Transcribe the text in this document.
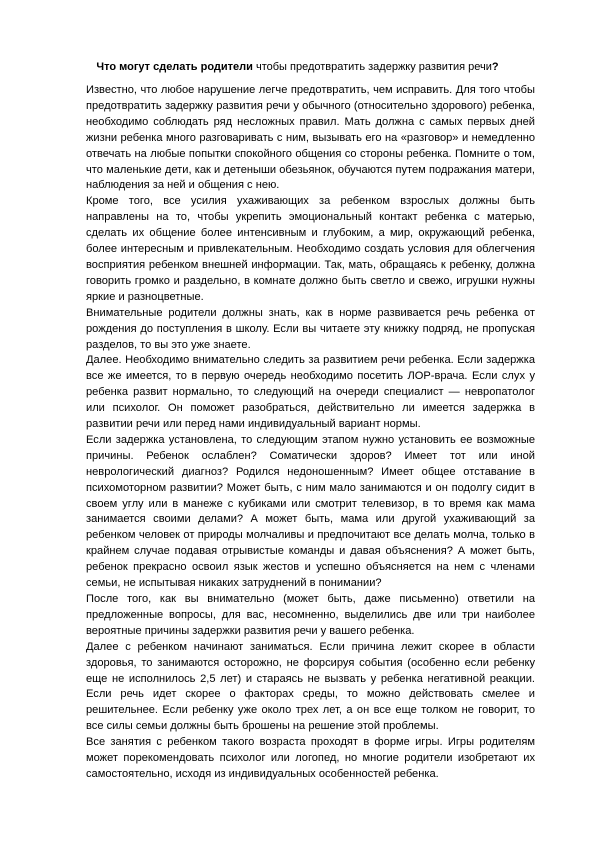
Что могут сделать родители чтобы предотвратить задержку развития речи?

Известно, что любое нарушение легче предотвратить, чем исправить. Для того чтобы предотвратить задержку развития речи у обычного (относительно здорового) ребенка, необходимо соблюдать ряд несложных правил. Мать должна с самых первых дней жизни ребенка много разговаривать с ним, вызывать его на «разговор» и немедленно отвечать на любые попытки спокойного общения со стороны ребенка. Помните о том, что маленькие дети, как и детеныши обезьянок, обучаются путем подражания матери, наблюдения за ней и общения с нею.

Кроме того, все усилия ухаживающих за ребенком взрослых должны быть направлены на то, чтобы укрепить эмоциональный контакт ребенка с матерью, сделать их общение более интенсивным и глубоким, а мир, окружающий ребенка, более интересным и привлекательным. Необходимо создать условия для облегчения восприятия ребенком внешней информации. Так, мать, обращаясь к ребенку, должна говорить громко и раздельно, в комнате должно быть светло и свежо, игрушки нужны яркие и разноцветные.

Внимательные родители должны знать, как в норме развивается речь ребенка от рождения до поступления в школу. Если вы читаете эту книжку подряд, не пропуская разделов, то вы это уже знаете.

Далее. Необходимо внимательно следить за развитием речи ребенка. Если задержка все же имеется, то в первую очередь необходимо посетить ЛОР-врача. Если слух у ребенка развит нормально, то следующий на очереди специалист — невропатолог или психолог. Он поможет разобраться, действительно ли имеется задержка в развитии речи или перед нами индивидуальный вариант нормы.

Если задержка установлена, то следующим этапом нужно установить ее возможные причины. Ребенок ослаблен? Соматически здоров? Имеет тот или иной неврологический диагноз? Родился недоношенным? Имеет общее отставание в психомоторном развитии? Может быть, с ним мало занимаются и он подолгу сидит в своем углу или в манеже с кубиками или смотрит телевизор, в то время как мама занимается своими делами? А может быть, мама или другой ухаживающий за ребенком человек от природы молчаливы и предпочитают все делать молча, только в крайнем случае подавая отрывистые команды и давая объяснения? А может быть, ребенок прекрасно освоил язык жестов и успешно объясняется на нем с членами семьи, не испытывая никаких затруднений в понимании?

После того, как вы внимательно (может быть, даже письменно) ответили на предложенные вопросы, для вас, несомненно, выделились две или три наиболее вероятные причины задержки развития речи у вашего ребенка.

Далее с ребенком начинают заниматься. Если причина лежит скорее в области здоровья, то занимаются осторожно, не форсируя события (особенно если ребенку еще не исполнилось 2,5 лет) и стараясь не вызвать у ребенка негативной реакции. Если речь идет скорее о факторах среды, то можно действовать смелее и решительнее. Если ребенку уже около трех лет, а он все еще толком не говорит, то все силы семьи должны быть брошены на решение этой проблемы.

Все занятия с ребенком такого возраста проходят в форме игры. Игры родителям может порекомендовать психолог или логопед, но многие родители изобретают их самостоятельно, исходя из индивидуальных особенностей ребенка.
